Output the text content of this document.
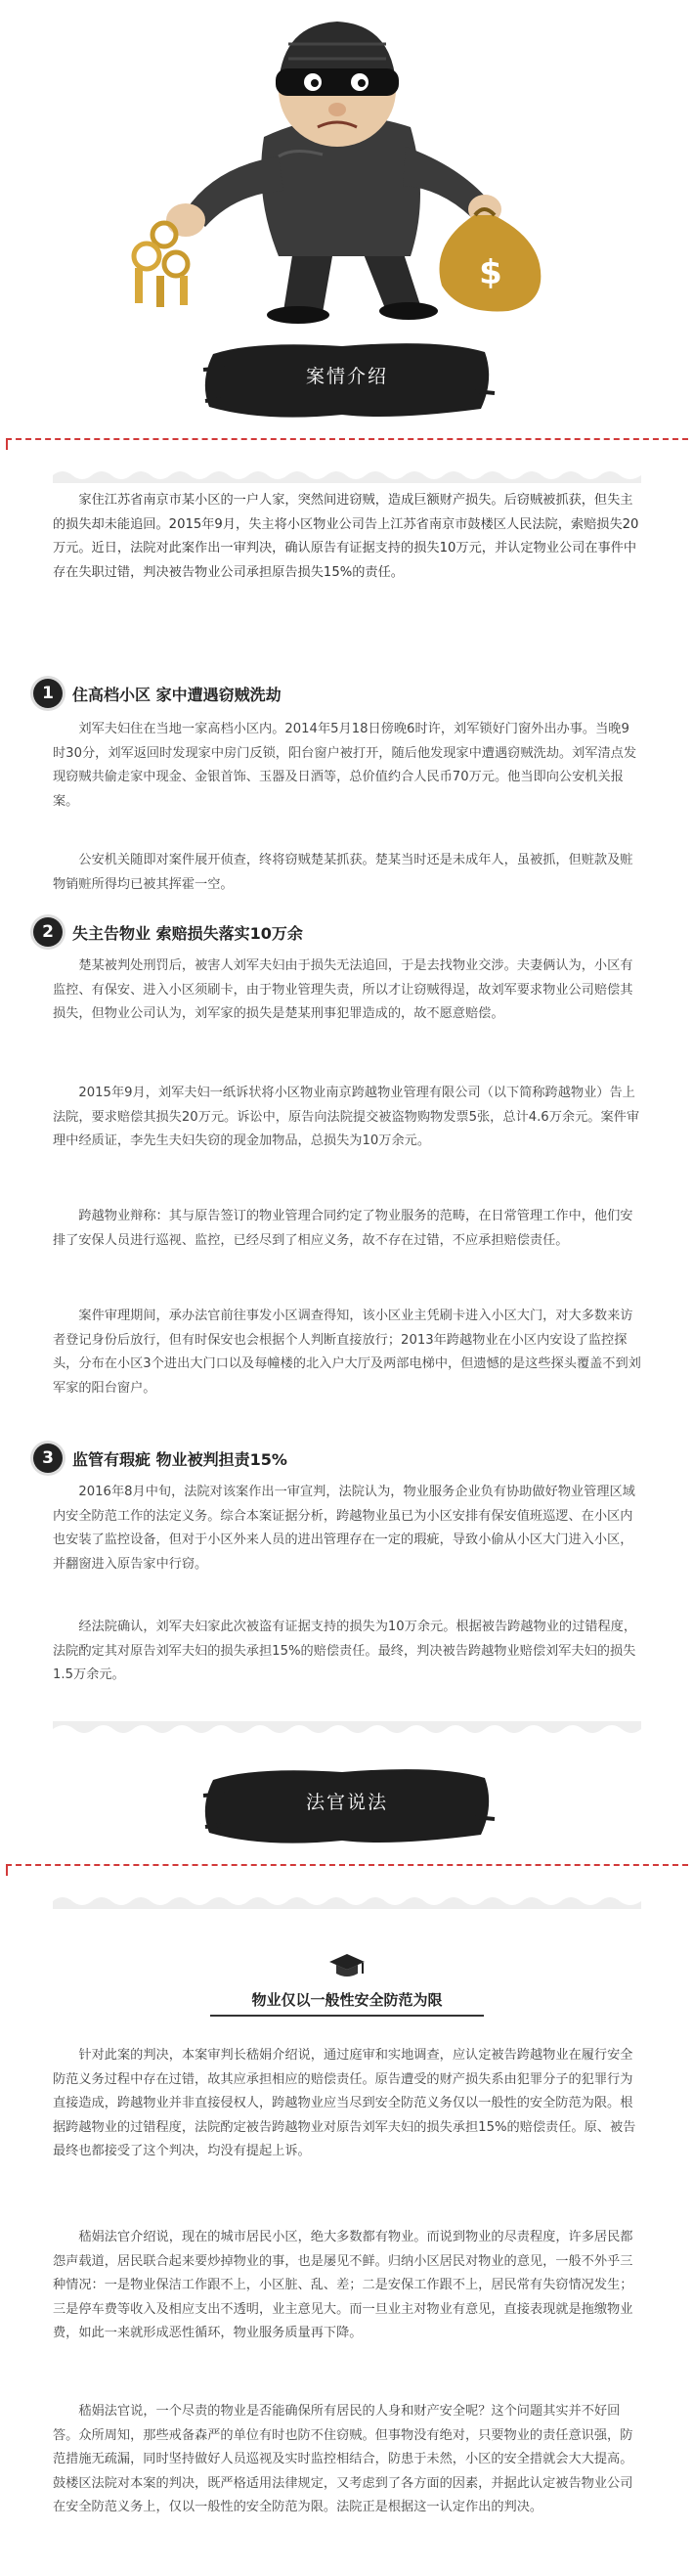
$
案情介绍

家住江苏省南京市某小区的一户人家，突然间进窃贼，造成巨额财产损失。后窃贼被抓获，但失主的损失却未能追回。2015年9月，失主将小区物业公司告上江苏省南京市鼓楼区人民法院，索赔损失20万元。近日，法院对此案作出一审判决，确认原告有证据支持的损失10万元，并认定物业公司在事件中存在失职过错，判决被告物业公司承担原告损失15%的责任。

1	住高档小区 家中遭遇窃贼洗劫

刘军夫妇住在当地一家高档小区内。2014年5月18日傍晚6时许，刘军锁好门窗外出办事。当晚9时30分，刘军返回时发现家中房门反锁，阳台窗户被打开，随后他发现家中遭遇窃贼洗劫。刘军清点发现窃贼共偷走家中现金、金银首饰、玉器及日酒等，总价值约合人民币70万元。他当即向公安机关报案。

公安机关随即对案件展开侦查，终将窃贼楚某抓获。楚某当时还是未成年人，虽被抓，但赃款及赃物销赃所得均已被其挥霍一空。

2	失主告物业 索赔损失落实10万余

楚某被判处刑罚后，被害人刘军夫妇由于损失无法追回，于是去找物业交涉。夫妻俩认为，小区有监控、有保安、进入小区须刷卡，由于物业管理失责，所以才让窃贼得逞，故刘军要求物业公司赔偿其损失，但物业公司认为，刘军家的损失是楚某刑事犯罪造成的，故不愿意赔偿。

2015年9月，刘军夫妇一纸诉状将小区物业南京跨越物业管理有限公司（以下简称跨越物业）告上法院，要求赔偿其损失20万元。诉讼中，原告向法院提交被盗物购物发票5张，总计4.6万余元。案件审理中经质证，李先生夫妇失窃的现金加物品，总损失为10万余元。

跨越物业辩称：其与原告签订的物业管理合同约定了物业服务的范畴，在日常管理工作中，他们安排了安保人员进行巡视、监控，已经尽到了相应义务，故不存在过错，不应承担赔偿责任。

案件审理期间，承办法官前往事发小区调查得知，该小区业主凭刷卡进入小区大门，对大多数来访者登记身份后放行，但有时保安也会根据个人判断直接放行；2013年跨越物业在小区内安设了监控探头，分布在小区3个进出大门口以及每幢楼的北入户大厅及两部电梯中，但遗憾的是这些探头覆盖不到刘军家的阳台窗户。

3	监管有瑕疵 物业被判担责15%

2016年8月中旬，法院对该案作出一审宣判，法院认为，物业服务企业负有协助做好物业管理区域内安全防范工作的法定义务。综合本案证据分析，跨越物业虽已为小区安排有保安值班巡逻、在小区内也安装了监控设备，但对于小区外来人员的进出管理存在一定的瑕疵，导致小偷从小区大门进入小区，并翻窗进入原告家中行窃。

经法院确认，刘军夫妇家此次被盗有证据支持的损失为10万余元。根据被告跨越物业的过错程度，法院酌定其对原告刘军夫妇的损失承担15%的赔偿责任。最终，判决被告跨越物业赔偿刘军夫妇的损失1.5万余元。

法官说法
物业仅以一般性安全防范为限

针对此案的判决，本案审判长嵇娟介绍说，通过庭审和实地调查，应认定被告跨越物业在履行安全防范义务过程中存在过错，故其应承担相应的赔偿责任。原告遭受的财产损失系由犯罪分子的犯罪行为直接造成，跨越物业并非直接侵权人，跨越物业应当尽到安全防范义务仅以一般性的安全防范为限。根据跨越物业的过错程度，法院酌定被告跨越物业对原告刘军夫妇的损失承担15%的赔偿责任。原、被告最终也都接受了这个判决，均没有提起上诉。

嵇娟法官介绍说，现在的城市居民小区，绝大多数都有物业。而说到物业的尽责程度，许多居民都怨声载道，居民联合起来要炒掉物业的事，也是屡见不鲜。归纳小区居民对物业的意见，一般不外乎三种情况：一是物业保洁工作跟不上，小区脏、乱、差；二是安保工作跟不上，居民常有失窃情况发生；三是停车费等收入及相应支出不透明，业主意见大。而一旦业主对物业有意见，直接表现就是拖缴物业费，如此一来就形成恶性循环，物业服务质量再下降。

嵇娟法官说，一个尽责的物业是否能确保所有居民的人身和财产安全呢？这个问题其实并不好回答。众所周知，那些戒备森严的单位有时也防不住窃贼。但事物没有绝对，只要物业的责任意识强，防范措施无疏漏，同时坚持做好人员巡视及实时监控相结合，防患于未然，小区的安全措就会大大提高。鼓楼区法院对本案的判决，既严格适用法律规定，又考虑到了各方面的因素，并据此认定被告物业公司在安全防范义务上，仅以一般性的安全防范为限。法院正是根据这一认定作出的判决。
